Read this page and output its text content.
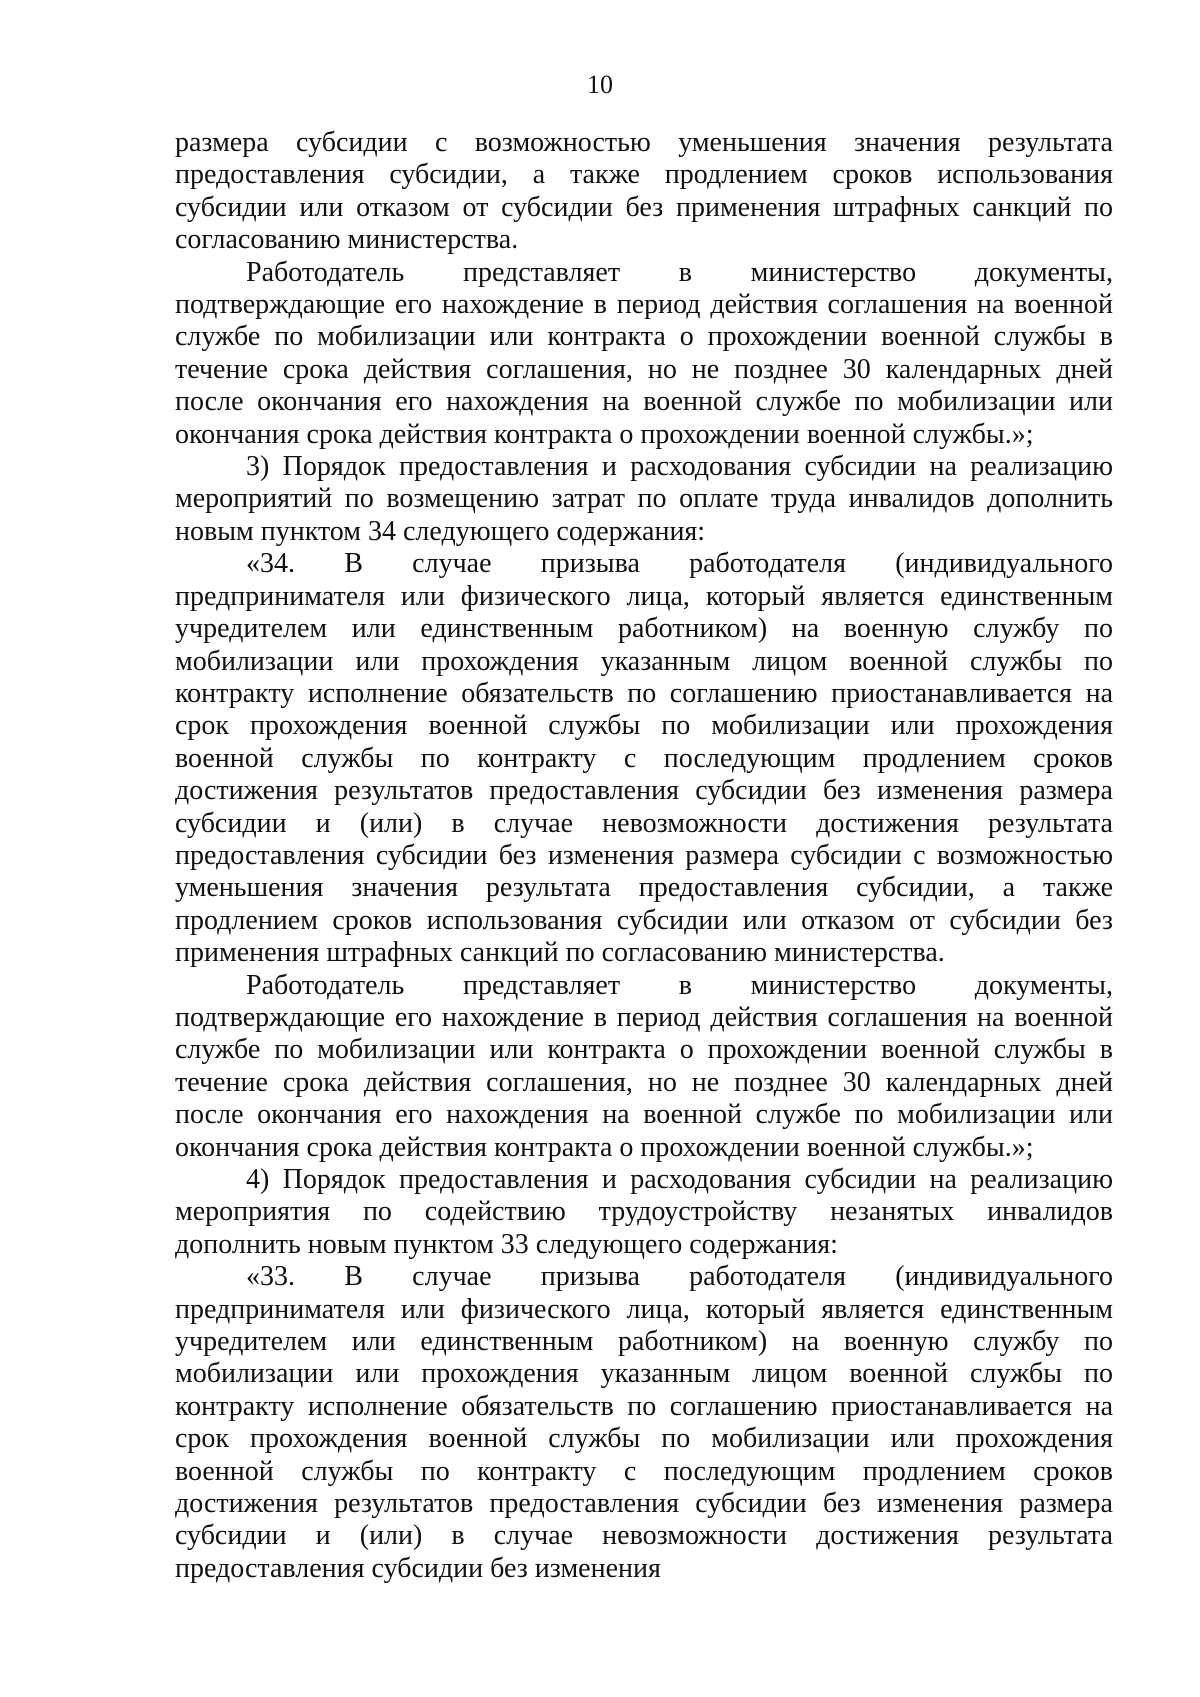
10

размера субсидии с возможностью уменьшения значения результата предоставления субсидии, а также продлением сроков использования субсидии или отказом от субсидии без применения штрафных санкций по согласованию министерства.

Работодатель представляет в министерство документы, подтверждающие его нахождение в период действия соглашения на военной службе по мобилизации или контракта о прохождении военной службы в течение срока действия соглашения, но не позднее 30 календарных дней после окончания его нахождения на военной службе по мобилизации или окончания срока действия контракта о прохождении военной службы.»;

3) Порядок предоставления и расходования субсидии на реализацию мероприятий по возмещению затрат по оплате труда инвалидов дополнить новым пунктом 34 следующего содержания:

«34. В случае призыва работодателя (индивидуального предпринимателя или физического лица, который является единственным учредителем или единственным работником) на военную службу по мобилизации или прохождения указанным лицом военной службы по контракту исполнение обязательств по соглашению приостанавливается на срок прохождения военной службы по мобилизации или прохождения военной службы по контракту с последующим продлением сроков достижения результатов предоставления субсидии без изменения размера субсидии и (или) в случае невозможности достижения результата предоставления субсидии без изменения размера субсидии с возможностью уменьшения значения результата предоставления субсидии, а также продлением сроков использования субсидии или отказом от субсидии без применения штрафных санкций по согласованию министерства.

Работодатель представляет в министерство документы, подтверждающие его нахождение в период действия соглашения на военной службе по мобилизации или контракта о прохождении военной службы в течение срока действия соглашения, но не позднее 30 календарных дней после окончания его нахождения на военной службе по мобилизации или окончания срока действия контракта о прохождении военной службы.»;

4) Порядок предоставления и расходования субсидии на реализацию мероприятия по содействию трудоустройству незанятых инвалидов дополнить новым пунктом 33 следующего содержания:

«33. В случае призыва работодателя (индивидуального предпринимателя или физического лица, который является единственным учредителем или единственным работником) на военную службу по мобилизации или прохождения указанным лицом военной службы по контракту исполнение обязательств по соглашению приостанавливается на срок прохождения военной службы по мобилизации или прохождения военной службы по контракту с последующим продлением сроков достижения результатов предоставления субсидии без изменения размера субсидии и (или) в случае невозможности достижения результата предоставления субсидии без изменения
